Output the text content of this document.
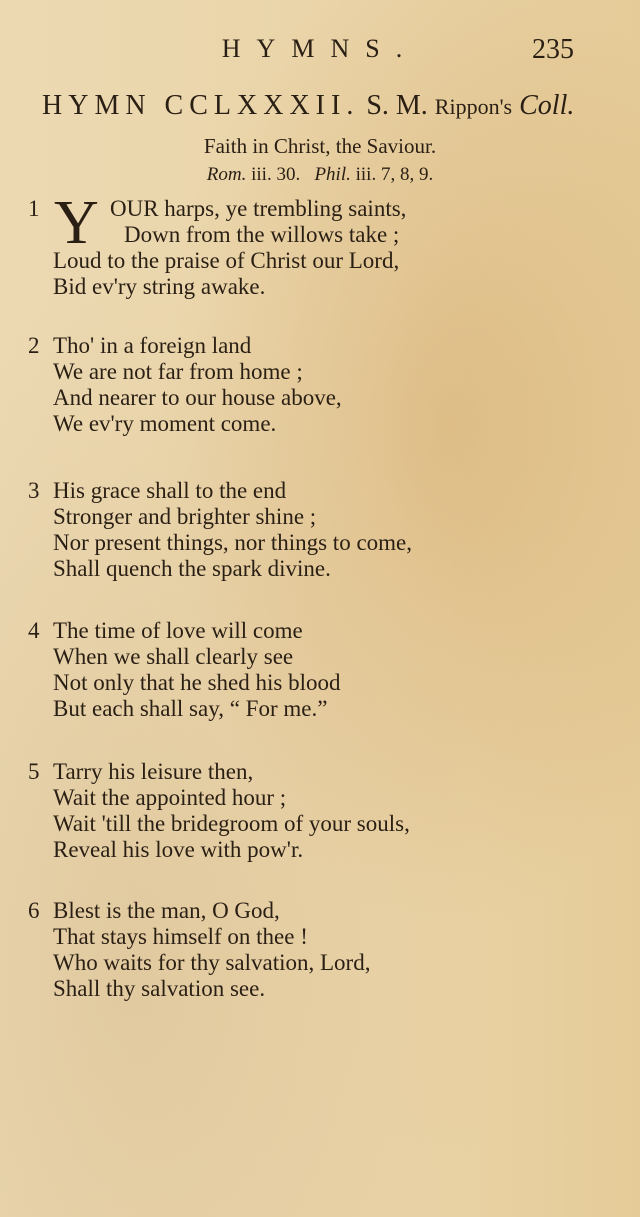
HYMNS.	235
HYMN CCLXXXII. S. M. Rippon's Coll.
Faith in Christ, the Saviour.
Rom. iii. 30. Phil. iii. 7, 8, 9.
Y
1	OUR harps, ye trembling saints,
Down from the willows take ;
Loud to the praise of Christ our Lord,
Bid ev'ry string awake.
2 Tho' in a foreign land
We are not far from home ;
And nearer to our house above,
We ev'ry moment come.
3 His grace shall to the end
Stronger and brighter shine ;
Nor present things, nor things to come,
Shall quench the spark divine.
4 The time of love will come
When we shall clearly see
Not only that he shed his blood
But each shall say, “ For me.”
5 Tarry his leisure then,
Wait the appointed hour ;
Wait 'till the bridegroom of your souls,
Reveal his love with pow'r.
6 Blest is the man, O God,
That stays himself on thee !
Who waits for thy salvation, Lord,
Shall thy salvation see.
